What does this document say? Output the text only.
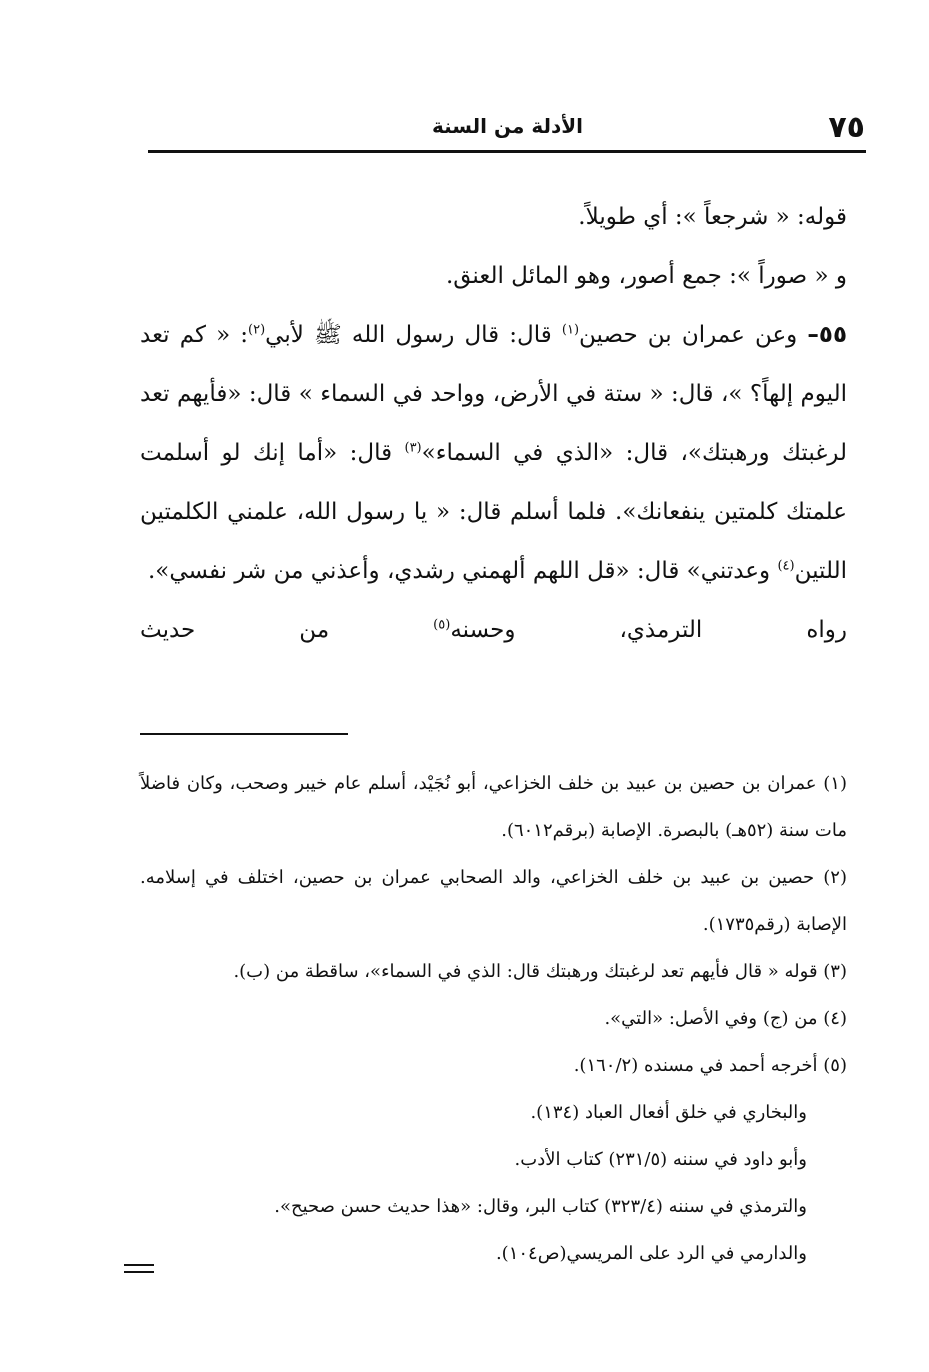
٧٥
الأدلة من السنة

قوله: « شرجعاً »: أي طويلاً.

و « صوراً »: جمع أصور، وهو المائل العنق.

٥٥– وعن عمران بن حصين$^{(١)}$ قال: قال رسول الله ﷺ لأبي$^{(٢)}$: « كم تعد اليوم إلهاً؟ »، قال: « ستة في الأرض، وواحد في السماء » قال: «فأيهم تعد لرغبتك ورهبتك»، قال: «الذي في السماء»$^{(٣)}$ قال: «أما إنك لو أسلمت علمتك كلمتين ينفعانك». فلما أسلم قال: « يا رسول الله، علمني الكلمتين اللتين$^{(٤)}$ وعدتني» قال: «قل اللهم ألهمني رشدي، وأعذني من شر نفسي».

رواه الترمذي، وحسنه$^{(٥)}$ من حديث

(١) عمران بن حصين بن عبيد بن خلف الخزاعي، أبو نُجَيْد، أسلم عام خيبر وصحب، وكان فاضلاً مات سنة (٥٢هـ) بالبصرة. الإصابة (برقم٦٠١٢).

(٢) حصين بن عبيد بن خلف الخزاعي، والد الصحابي عمران بن حصين، اختلف في إسلامه. الإصابة (رقم١٧٣٥).

(٣) قوله « قال فأيهم تعد لرغبتك ورهبتك قال: الذي في السماء»، ساقطة من (ب).

(٤) من (ج) وفي الأصل: «التي».

(٥) أخرجه أحمد في مسنده (١٦٠/٢).

والبخاري في خلق أفعال العباد (١٣٤).

وأبو داود في سننه (٢٣١/٥) كتاب الأدب.

والترمذي في سننه (٣٢٣/٤) كتاب البر، وقال: «هذا حديث حسن صحيح».

والدارمي في الرد على المريسي(ص١٠٤).
